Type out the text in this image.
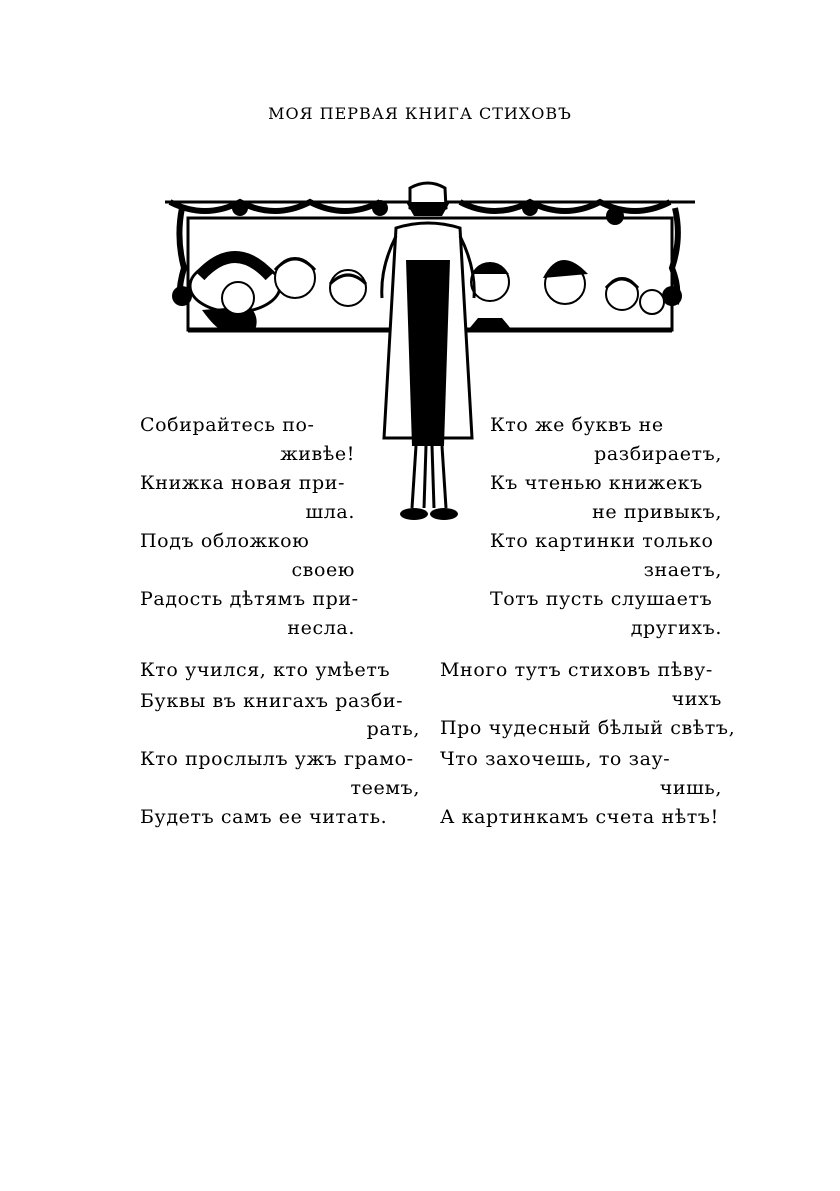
МОЯ ПЕРВАЯ КНИГА СТИХОВЪ
Собирайтесь по-
живѣе!
Книжка новая при-
шла.
Подъ обложкою
своею
Радость дѣтямъ при-
несла.
Кто же буквъ не
разбираетъ,
Къ чтенью книжекъ
не привыкъ,
Кто картинки только
знаетъ,
Тотъ пусть слушаетъ
другихъ.
Кто учился, кто умѣетъ
Буквы въ книгахъ разби-
рать,
Кто прослылъ ужъ грамо-
теемъ,
Будетъ самъ ее читать.
Много тутъ стиховъ пѣву-
чихъ
Про чудесный бѣлый свѣтъ,
Что захочешь, то зау-
чишь,
А картинкамъ счета нѣтъ!
